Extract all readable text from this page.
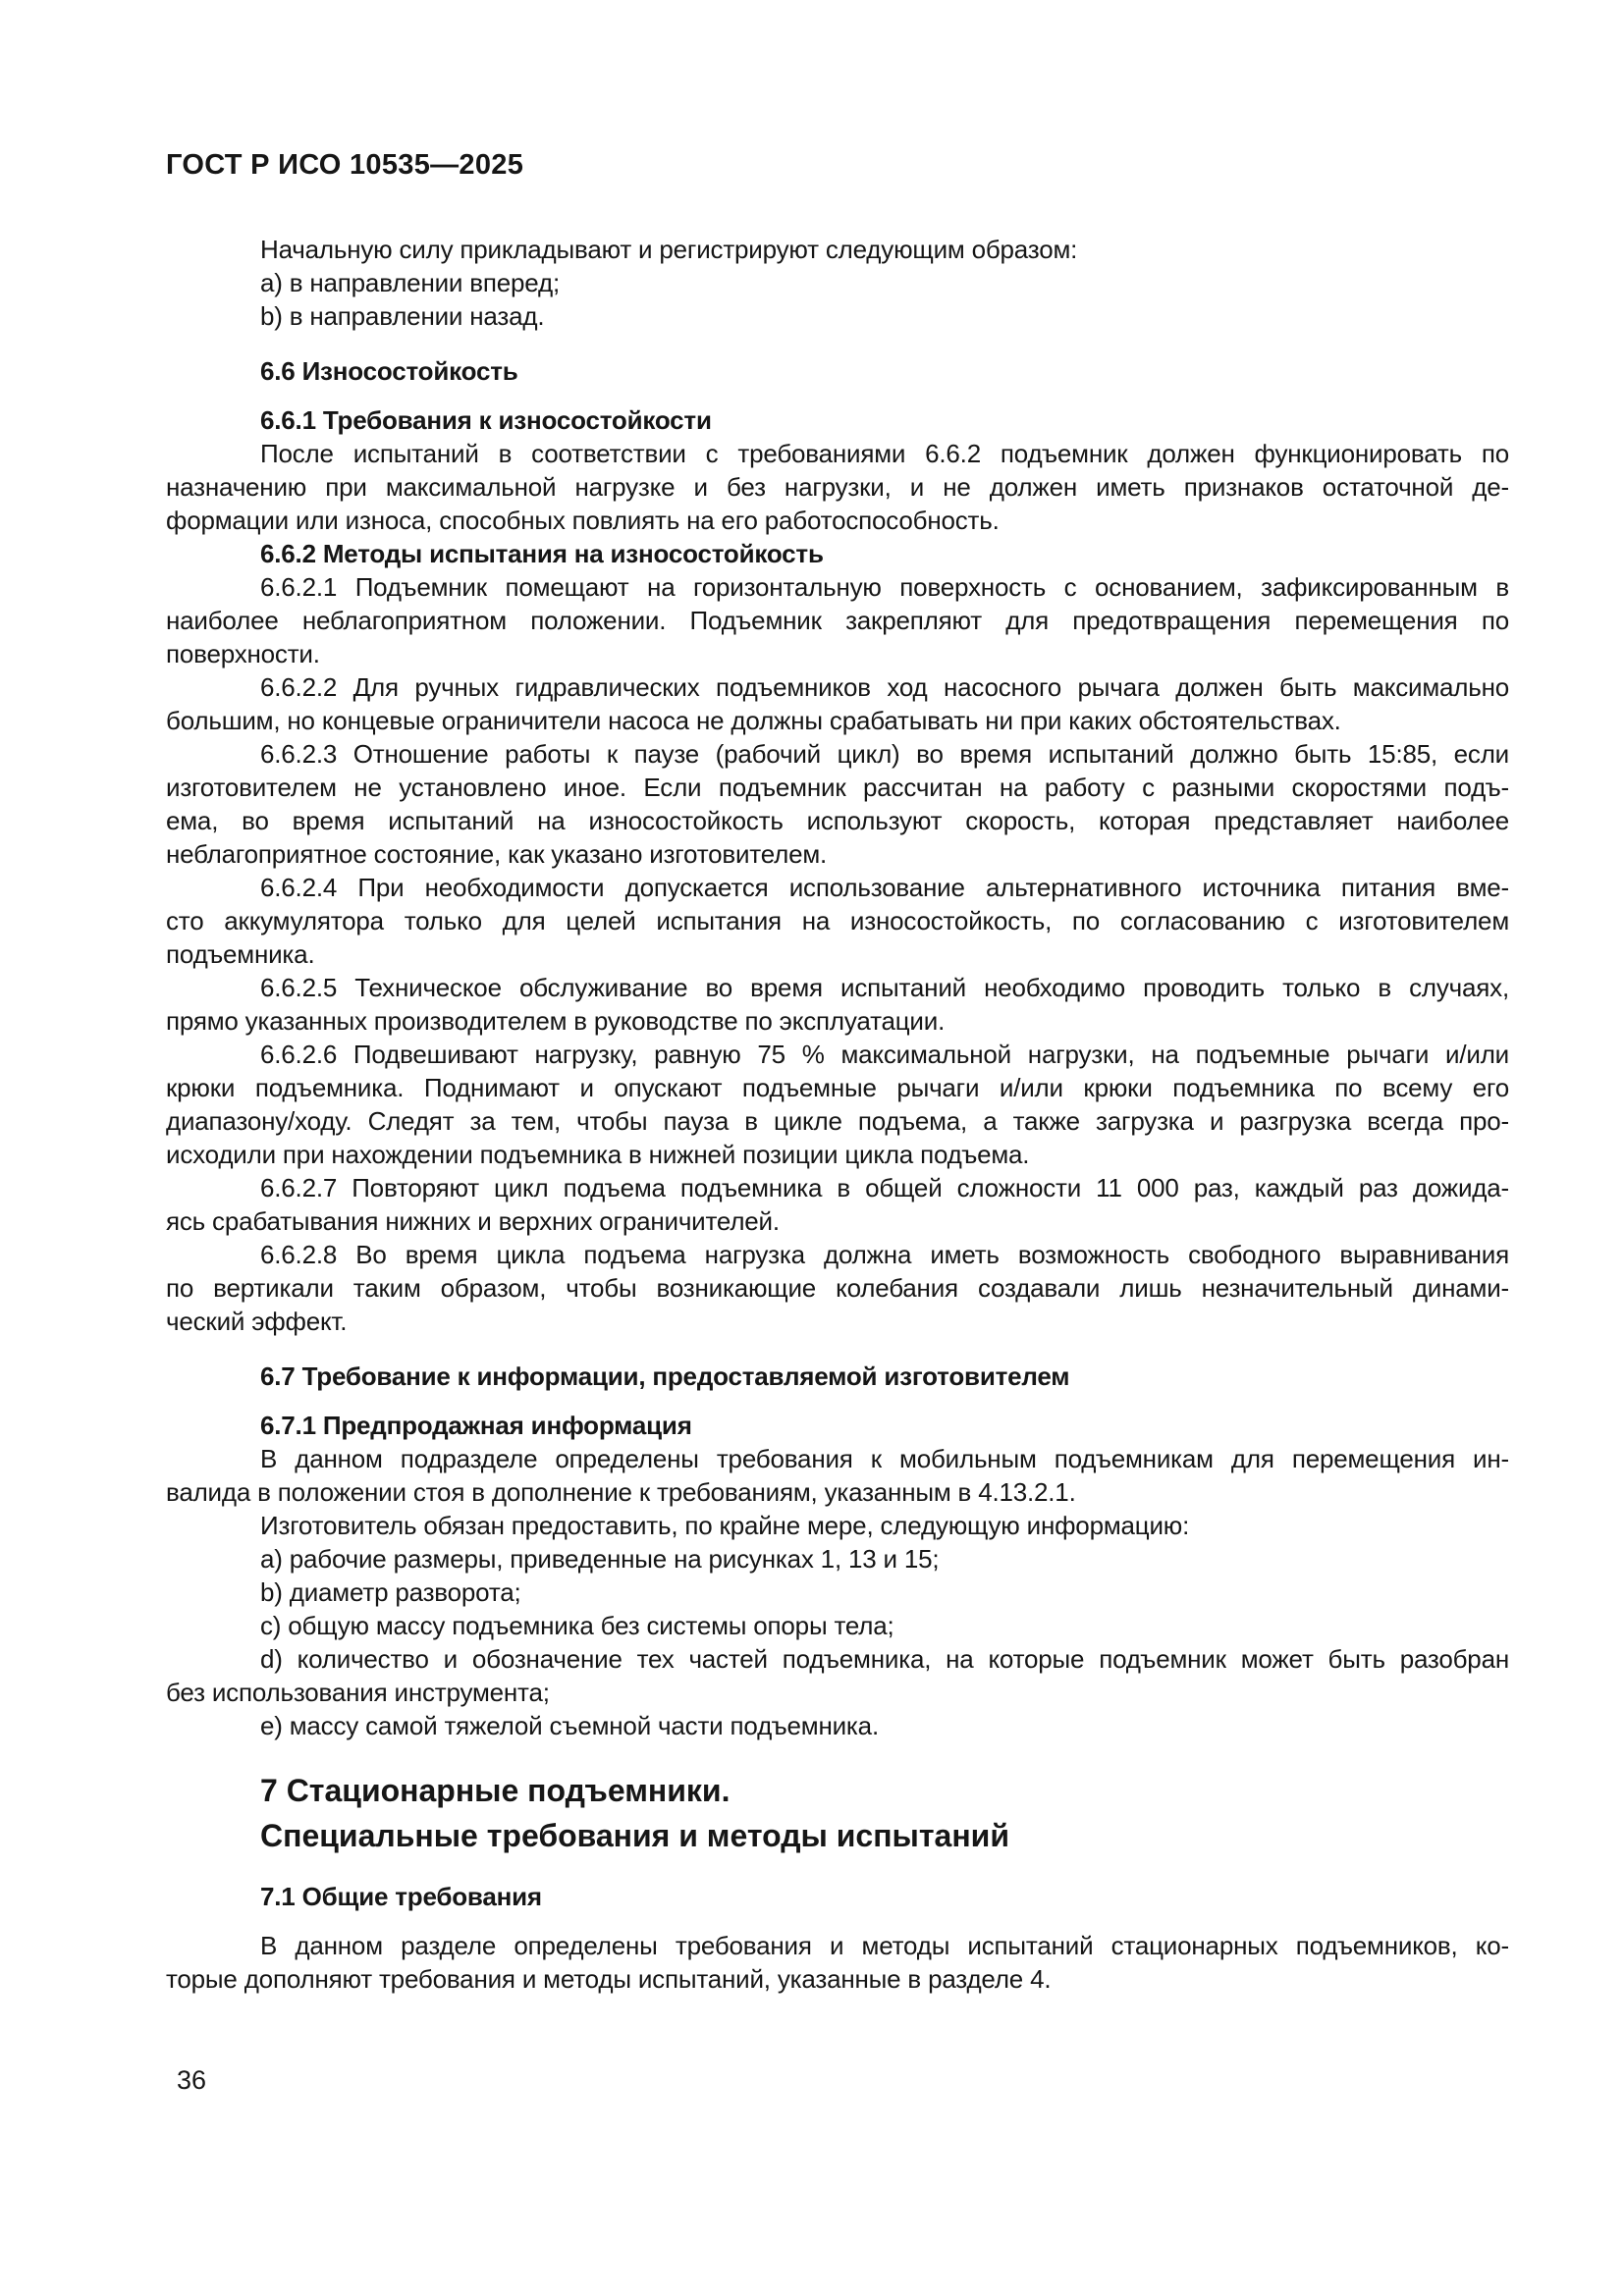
ГОСТ Р ИСО 10535—2025
Начальную силу прикладывают и регистрируют следующим образом:
a) в направлении вперед;
b) в направлении назад.
6.6 Износостойкость
6.6.1 Требования к износостойкости
После испытаний в соответствии с требованиями 6.6.2 подъемник должен функционировать по
назначению при максимальной нагрузке и без нагрузки, и не должен иметь признаков остаточной де-
формации или износа, способных повлиять на его работоспособность.
6.6.2 Методы испытания на износостойкость
6.6.2.1 Подъемник помещают на горизонтальную поверхность с основанием, зафиксированным в
наиболее неблагоприятном положении. Подъемник закрепляют для предотвращения перемещения по
поверхности.
6.6.2.2 Для ручных гидравлических подъемников ход насосного рычага должен быть максимально
большим, но концевые ограничители насоса не должны срабатывать ни при каких обстоятельствах.
6.6.2.3 Отношение работы к паузе (рабочий цикл) во время испытаний должно быть 15:85, если
изготовителем не установлено иное. Если подъемник рассчитан на работу с разными скоростями подъ-
ема, во время испытаний на износостойкость используют скорость, которая представляет наиболее
неблагоприятное состояние, как указано изготовителем.
6.6.2.4 При необходимости допускается использование альтернативного источника питания вме-
сто аккумулятора только для целей испытания на износостойкость, по согласованию с изготовителем
подъемника.
6.6.2.5 Техническое обслуживание во время испытаний необходимо проводить только в случаях,
прямо указанных производителем в руководстве по эксплуатации.
6.6.2.6 Подвешивают нагрузку, равную 75 % максимальной нагрузки, на подъемные рычаги и/или
крюки подъемника. Поднимают и опускают подъемные рычаги и/или крюки подъемника по всему его
диапазону/ходу. Следят за тем, чтобы пауза в цикле подъема, а также загрузка и разгрузка всегда про-
исходили при нахождении подъемника в нижней позиции цикла подъема.
6.6.2.7 Повторяют цикл подъема подъемника в общей сложности 11 000 раз, каждый раз дожида-
ясь срабатывания нижних и верхних ограничителей.
6.6.2.8 Во время цикла подъема нагрузка должна иметь возможность свободного выравнивания
по вертикали таким образом, чтобы возникающие колебания создавали лишь незначительный динами-
ческий эффект.
6.7 Требование к информации, предоставляемой изготовителем
6.7.1 Предпродажная информация
В данном подразделе определены требования к мобильным подъемникам для перемещения ин-
валида в положении стоя в дополнение к требованиям, указанным в 4.13.2.1.
Изготовитель обязан предоставить, по крайне мере, следующую информацию:
a) рабочие размеры, приведенные на рисунках 1, 13 и 15;
b) диаметр разворота;
c) общую массу подъемника без системы опоры тела;
d) количество и обозначение тех частей подъемника, на которые подъемник может быть разобран
без использования инструмента;
e) массу самой тяжелой съемной части подъемника.
7 Стационарные подъемники.
Специальные требования и методы испытаний
7.1 Общие требования
В данном разделе определены требования и методы испытаний стационарных подъемников, ко-
торые дополняют требования и методы испытаний, указанные в разделе 4.
36
